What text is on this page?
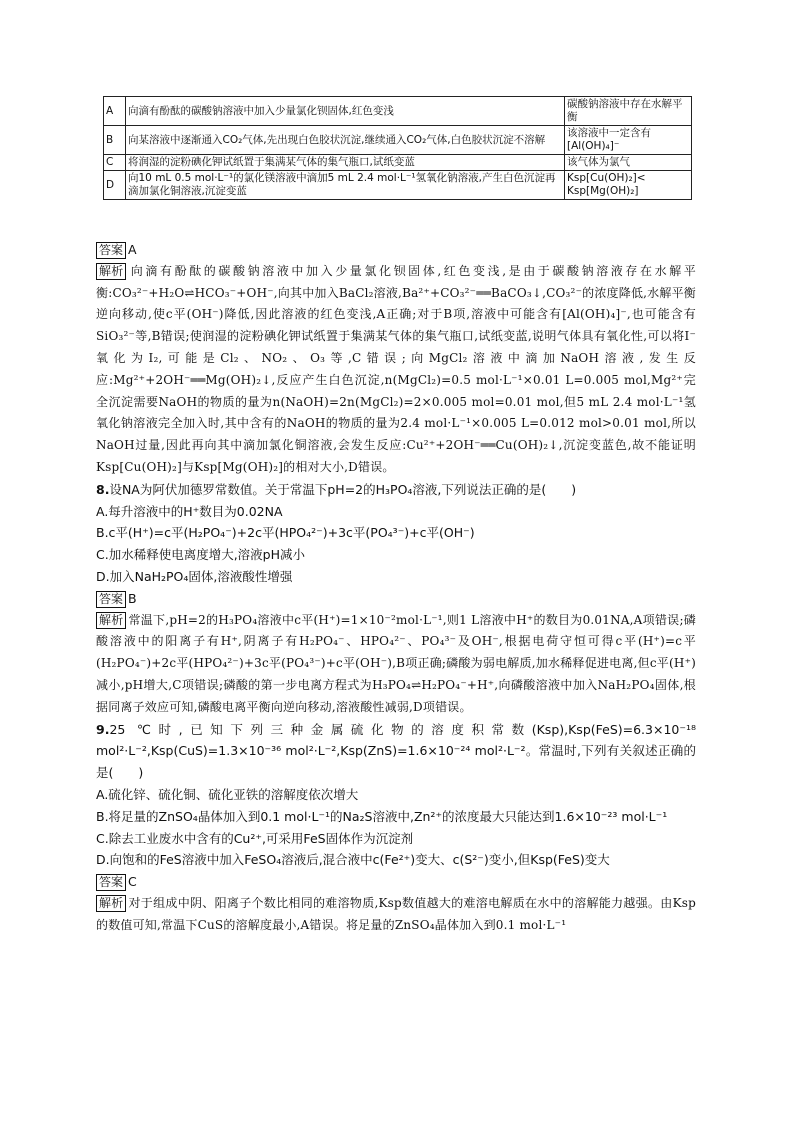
A	向滴有酚酞的碳酸钠溶液中加入少量氯化钡固体,红色变浅	碳酸钠溶液中存在水解平衡
B	向某溶液中逐渐通入CO₂气体,先出现白色胶状沉淀,继续通入CO₂气体,白色胶状沉淀不溶解	该溶液中一定含有[Al(OH)₄]⁻
C	将润湿的淀粉碘化钾试纸置于集满某气体的集气瓶口,试纸变蓝	该气体为氯气
D	向10 mL 0.5 mol·L⁻¹的氯化镁溶液中滴加5 mL 2.4 mol·L⁻¹氢氧化钠溶液,产生白色沉淀再滴加氯化铜溶液,沉淀变蓝	Ksp[Cu(OH)₂]< Ksp[Mg(OH)₂]

答案 A

解析 向滴有酚酞的碳酸钠溶液中加入少量氯化钡固体,红色变浅,是由于碳酸钠溶液存在水解平衡:CO₃²⁻+H₂O⇌HCO₃⁻+OH⁻,向其中加入BaCl₂溶液,Ba²⁺+CO₃²⁻══BaCO₃↓,CO₃²⁻的浓度降低,水解平衡逆向移动,使c平(OH⁻)降低,因此溶液的红色变浅,A正确;对于B项,溶液中可能含有[Al(OH)₄]⁻,也可能含有SiO₃²⁻等,B错误;使润湿的淀粉碘化钾试纸置于集满某气体的集气瓶口,试纸变蓝,说明气体具有氧化性,可以将I⁻氧化为I₂,可能是Cl₂、NO₂、O₃等,C错误;向MgCl₂溶液中滴加NaOH溶液,发生反应:Mg²⁺+2OH⁻══Mg(OH)₂↓,反应产生白色沉淀,n(MgCl₂)=0.5 mol·L⁻¹×0.01 L=0.005 mol,Mg²⁺完全沉淀需要NaOH的物质的量为n(NaOH)=2n(MgCl₂)=2×0.005 mol=0.01 mol,但5 mL 2.4 mol·L⁻¹氢氧化钠溶液完全加入时,其中含有的NaOH的物质的量为2.4 mol·L⁻¹×0.005 L=0.012 mol>0.01 mol,所以NaOH过量,因此再向其中滴加氯化铜溶液,会发生反应:Cu²⁺+2OH⁻══Cu(OH)₂↓,沉淀变蓝色,故不能证明Ksp[Cu(OH)₂]与Ksp[Mg(OH)₂]的相对大小,D错误。

8.设NA为阿伏加德罗常数值。关于常温下pH=2的H₃PO₄溶液,下列说法正确的是(　　)

A.每升溶液中的H⁺数目为0.02NA

B.c平(H⁺)=c平(H₂PO₄⁻)+2c平(HPO₄²⁻)+3c平(PO₄³⁻)+c平(OH⁻)

C.加水稀释使电离度增大,溶液pH减小

D.加入NaH₂PO₄固体,溶液酸性增强

答案 B

解析 常温下,pH=2的H₃PO₄溶液中c平(H⁺)=1×10⁻²mol·L⁻¹,则1 L溶液中H⁺的数目为0.01NA,A项错误;磷酸溶液中的阳离子有H⁺,阴离子有H₂PO₄⁻、HPO₄²⁻、PO₄³⁻及OH⁻,根据电荷守恒可得c平(H⁺)=c平(H₂PO₄⁻)+2c平(HPO₄²⁻)+3c平(PO₄³⁻)+c平(OH⁻),B项正确;磷酸为弱电解质,加水稀释促进电离,但c平(H⁺)减小,pH增大,C项错误;磷酸的第一步电离方程式为H₃PO₄⇌H₂PO₄⁻+H⁺,向磷酸溶液中加入NaH₂PO₄固体,根据同离子效应可知,磷酸电离平衡向逆向移动,溶液酸性减弱,D项错误。

9.25 ℃时,已知下列三种金属硫化物的溶度积常数(Ksp),Ksp(FeS)=6.3×10⁻¹⁸ mol²·L⁻²,Ksp(CuS)=1.3×10⁻³⁶ mol²·L⁻²,Ksp(ZnS)=1.6×10⁻²⁴ mol²·L⁻²。常温时,下列有关叙述正确的是(　　)

A.硫化锌、硫化铜、硫化亚铁的溶解度依次增大

B.将足量的ZnSO₄晶体加入到0.1 mol·L⁻¹的Na₂S溶液中,Zn²⁺的浓度最大只能达到1.6×10⁻²³ mol·L⁻¹

C.除去工业废水中含有的Cu²⁺,可采用FeS固体作为沉淀剂

D.向饱和的FeS溶液中加入FeSO₄溶液后,混合液中c(Fe²⁺)变大、c(S²⁻)变小,但Ksp(FeS)变大

答案 C

解析 对于组成中阴、阳离子个数比相同的难溶物质,Ksp数值越大的难溶电解质在水中的溶解能力越强。由Ksp的数值可知,常温下CuS的溶解度最小,A错误。将足量的ZnSO₄晶体加入到0.1 mol·L⁻¹
